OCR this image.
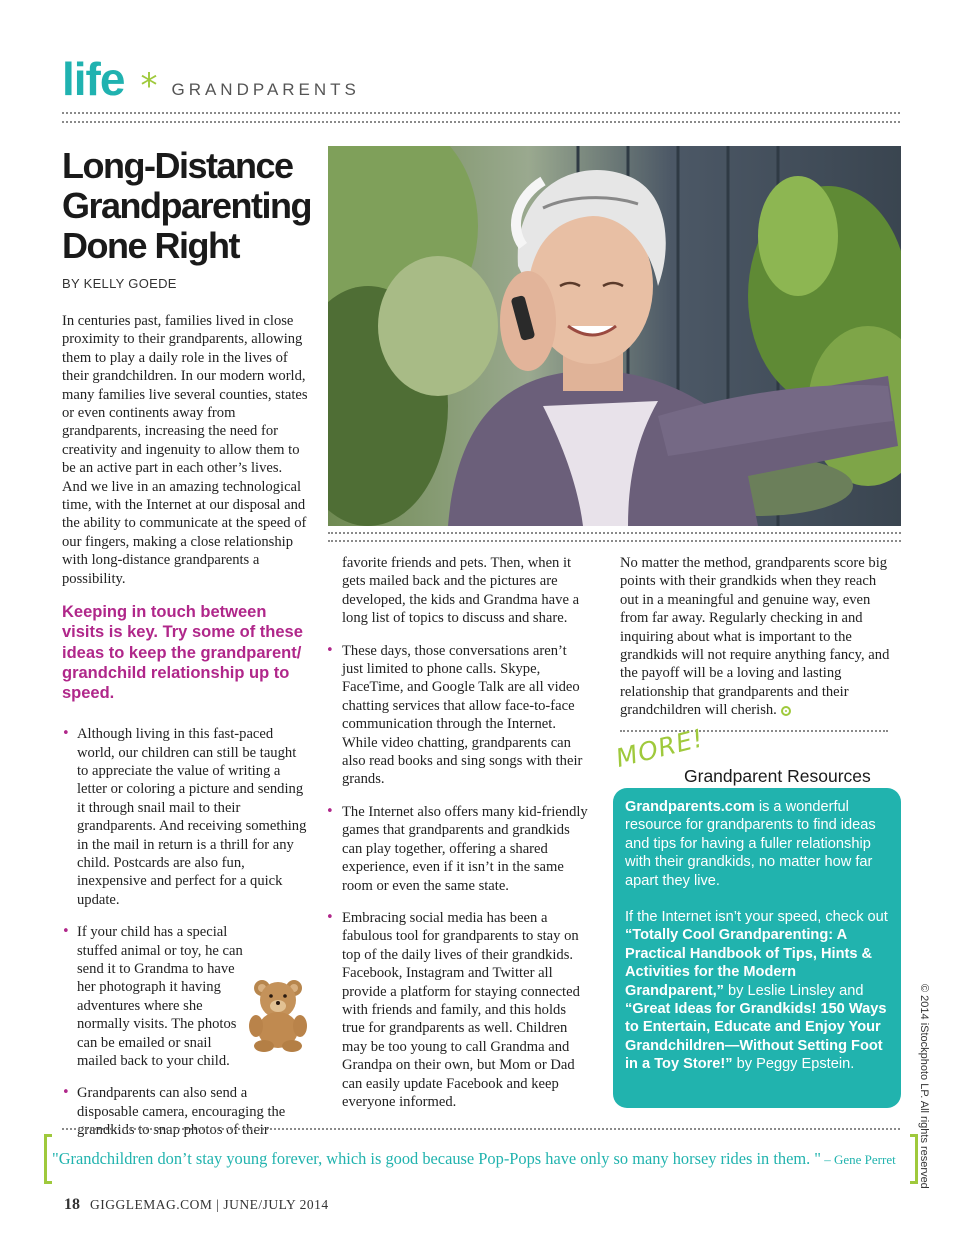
life * GRANDPARENTS
Long-Distance
Grandparenting
Done Right
BY KELLY GOEDE

In centuries past, families lived in close proximity to their grandparents, allowing them to play a daily role in the lives of their grandchildren. In our modern world, many families live several counties, states or even continents away from grandparents, increasing the need for creativity and ingenuity to allow them to be an active part in each other’s lives. And we live in an amazing technological time, with the Internet at our disposal and the ability to communicate at the speed of our fingers, making a close relationship with long-distance grandparents a possibility.

Keeping in touch between visits is key. Try some of these ideas to keep the grandparent/ grandchild relationship up to speed.
• Although living in this fast-paced world, our children can still be taught to appreciate the value of writing a letter or coloring a picture and sending it through snail mail to their grandparents. And receiving something in the mail in return is a thrill for any child. Postcards are also fun, inexpensive and perfect for a quick update.
• If your child has a special stuffed animal or toy, he can send it to Grandma to have her photograph it having adventures where she normally visits. The photos can be emailed or snail mailed back to your child.
• Grandparents can also send a disposable camera, encouraging the grandkids to snap photos of their

favorite friends and pets. Then, when it gets mailed back and the pictures are developed, the kids and Grandma have a long list of topics to discuss and share.

• These days, those conversations aren’t just limited to phone calls. Skype, FaceTime, and Google Talk are all video chatting services that allow face-to-face communication through the Internet. While video chatting, grandparents can also read books and sing songs with their grands.
• The Internet also offers many kid-friendly games that grandparents and grandkids can play together, offering a shared experience, even if it isn’t in the same room or even the same state.
• Embracing social media has been a fabulous tool for grandparents to stay on top of the daily lives of their grandkids. Facebook, Instagram and Twitter all provide a platform for staying connected with friends and family, and this holds true for grandparents as well. Children may be too young to call Grandma and Grandpa on their own, but Mom or Dad can easily update Facebook and keep everyone informed.

No matter the method, grandparents score big points with their grandkids when they reach out in a meaningful and genuine way, even from far away. Regularly checking in and inquiring about what is important to the grandkids will not require anything fancy, and the payoff will be a loving and lasting relationship that grandparents and their grandchildren will cherish.

MORE!
Grandparent Resources

Grandparents.com is a wonderful resource for grandparents to find ideas and tips for having a fuller relationship with their grandkids, no matter how far apart they live.

If the Internet isn’t your speed, check out “Totally Cool Grandparenting: A Practical Handbook of Tips, Hints & Activities for the Modern Grandparent,” by Leslie Linsley and “Great Ideas for Grandkids! 150 Ways to Entertain, Educate and Enjoy Your Grandchildren—Without Setting Foot in a Toy Store!” by Peggy Epstein.	© 2014 iStockphoto LP. All rights reserved
"Grandchildren don’t stay young forever, which is good because Pop-Pops have only so many horsey rides in them. " – Gene Perret
18 GIGGLEMAG.COM | JUNE/JULY 2014
